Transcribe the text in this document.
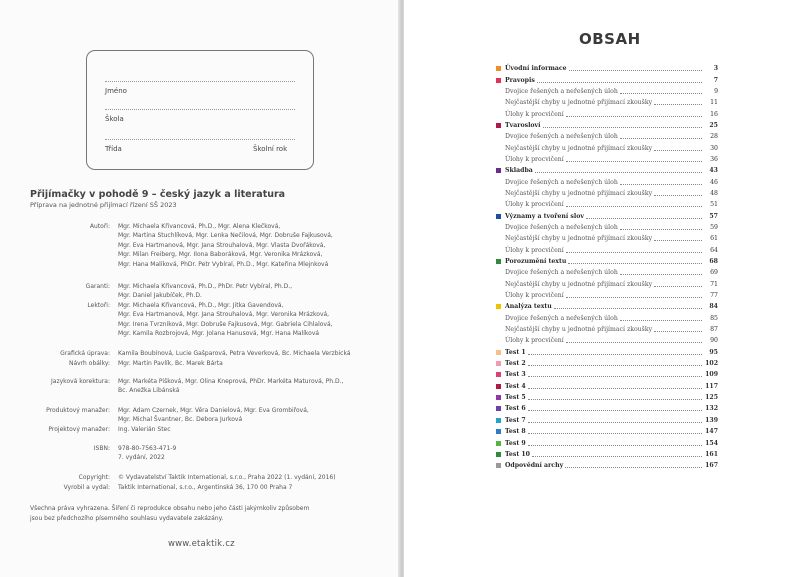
Jméno
Škola
Třída	Školní rok
Přijímačky v pohodě 9 – český jazyk a literatura
Příprava na jednotné přijímací řízení SŠ 2023
Autoři: Mgr. Michaela Křivancová, Ph.D., Mgr. Alena Klečková,
Mgr. Martina Stuchlíková, Mgr. Lenka Nečilová, Mgr. Dobruše Fajkusová,
Mgr. Eva Hartmanová, Mgr. Jana Strouhalová, Mgr. Vlasta Dvořáková,
Mgr. Milan Freiberg, Mgr. Ilona Baboráková, Mgr. Veronika Mrázková,
Mgr. Hana Malíková, PhDr. Petr Vybíral, Ph.D., Mgr. Kateřina Mlejnková
Garanti: Mgr. Michaela Křivancová, Ph.D., PhDr. Petr Vybíral, Ph.D.,
Mgr. Daniel Jakubíček, Ph.D.
Lektoři: Mgr. Michaela Křivancová, Ph.D., Mgr. Jitka Gavendová,
Mgr. Eva Hartmanová, Mgr. Jana Strouhalová, Mgr. Veronika Mrázková,
Mgr. Irena Tvrzníková, Mgr. Dobruše Fajkusová, Mgr. Gabriela Cihlalová,
Mgr. Kamila Rozbrojová, Mgr. Jolana Hanusová, Mgr. Hana Malíková
Grafická úprava: Kamila Boubínová, Lucie Gašparová, Petra Veverková, Bc. Michaela Verzbická
Návrh obálky: Mgr. Martin Pavlík, Bc. Marek Bárta
Jazyková korektura: Mgr. Markéta Pišková, Mgr. Olina Kneprová, PhDr. Markéta Maturová, Ph.D.,
Bc. Anežka Libánská
Produktový manažer: Mgr. Adam Czernek, Mgr. Věra Danielová, Mgr. Eva Grombiřová,
Mgr. Michal Švantner, Bc. Debora Jurková
Projektový manažer: Ing. Valerián Stec
ISBN: 978-80-7563-471-9
7. vydání, 2022
Copyright: © Vydavatelství Taktik International, s.r.o., Praha 2022 (1. vydání, 2016)
Vyrobil a vydal: Taktik International, s.r.o., Argentinská 36, 170 00 Praha 7
Všechna práva vyhrazena. Šíření či reprodukce obsahu nebo jeho části jakýmkoliv způsobem
jsou bez předchozího písemného souhlasu vydavatele zakázány.
www.etaktik.cz
OBSAH
Úvodní informace	3
Pravopis	7
Dvojice řešených a neřešených úloh	9
Nejčastější chyby u jednotné přijímací zkoušky	11
Úlohy k procvičení	16
Tvarosloví	25
Dvojice řešených a neřešených úloh	28
Nejčastější chyby u jednotné přijímací zkoušky	30
Úlohy k procvičení	36
Skladba	43
Dvojice řešených a neřešených úloh	46
Nejčastější chyby u jednotné přijímací zkoušky	48
Úlohy k procvičení	51
Významy a tvoření slov	57
Dvojice řešených a neřešených úloh	59
Nejčastější chyby u jednotné přijímací zkoušky	61
Úlohy k procvičení	64
Porozumění textu	68
Dvojice řešených a neřešených úloh	69
Nejčastější chyby u jednotné přijímací zkoušky	71
Úlohy k procvičení	77
Analýza textu	84
Dvojice řešených a neřešených úloh	85
Nejčastější chyby u jednotné přijímací zkoušky	87
Úlohy k procvičení	90
Test 1	95
Test 2	102
Test 3	109
Test 4	117
Test 5	125
Test 6	132
Test 7	139
Test 8	147
Test 9	154
Test 10	161
Odpovědní archy	167
